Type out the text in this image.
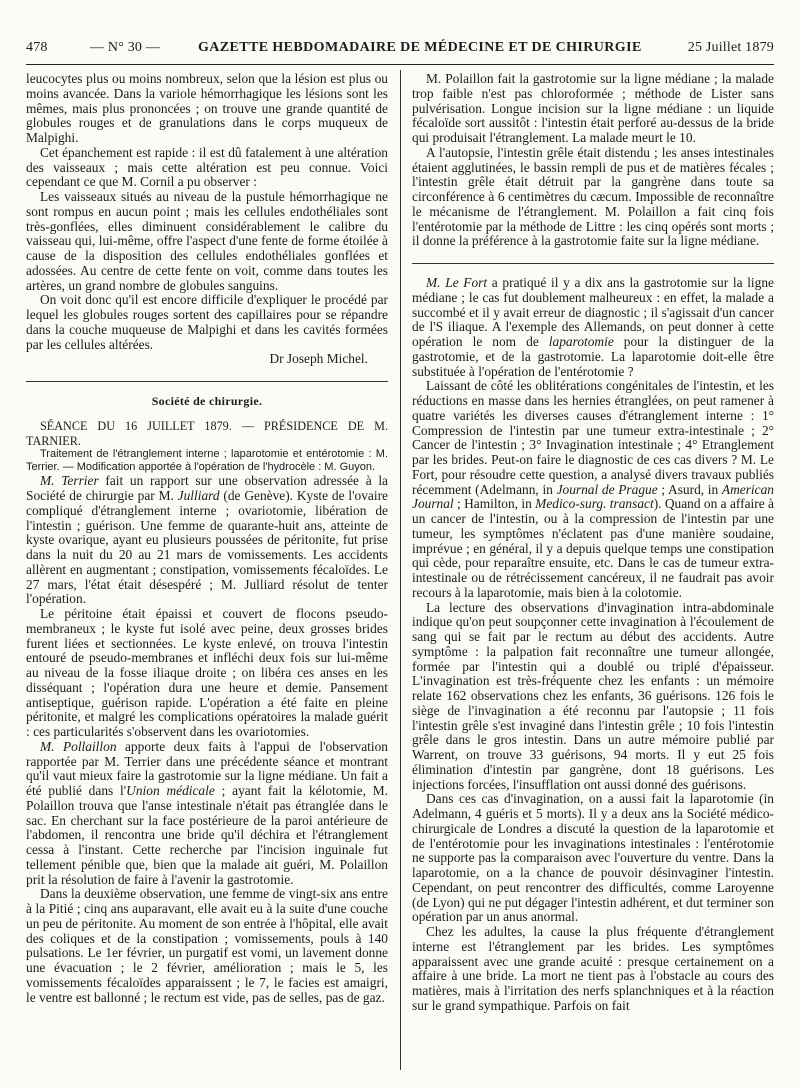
478	— N° 30 —	GAZETTE HEBDOMADAIRE DE MÉDECINE ET DE CHIRURGIE	25 Juillet 1879

leucocytes plus ou moins nombreux, selon que la lésion est plus ou moins avancée. Dans la variole hémorrhagique les lésions sont les mêmes, mais plus prononcées ; on trouve une grande quantité de globules rouges et de granulations dans le corps muqueux de Malpighi.

Cet épanchement est rapide : il est dû fatalement à une altération des vaisseaux ; mais cette altération est peu connue. Voici cependant ce que M. Cornil a pu observer :

Les vaisseaux situés au niveau de la pustule hémorrhagique ne sont rompus en aucun point ; mais les cellules endothéliales sont très-gonflées, elles diminuent considérablement le calibre du vaisseau qui, lui-même, offre l'aspect d'une fente de forme étoilée à cause de la disposition des cellules endothéliales gonflées et adossées. Au centre de cette fente on voit, comme dans toutes les artères, un grand nombre de globules sanguins.

On voit donc qu'il est encore difficile d'expliquer le procédé par lequel les globules rouges sortent des capillaires pour se répandre dans la couche muqueuse de Malpighi et dans les cavités formées par les cellules altérées.

Dr Joseph Michel.

Société de chirurgie.

SÉANCE DU 16 JUILLET 1879. — PRÉSIDENCE DE M. TARNIER.

Traitement de l'étranglement interne ; laparotomie et entérotomie : M. Terrier. — Modification apportée à l'opération de l'hydrocèle : M. Guyon.

M. Terrier fait un rapport sur une observation adressée à la Société de chirurgie par M. Julliard (de Genève). Kyste de l'ovaire compliqué d'étranglement interne ; ovariotomie, libération de l'intestin ; guérison. Une femme de quarante-huit ans, atteinte de kyste ovarique, ayant eu plusieurs poussées de péritonite, fut prise dans la nuit du 20 au 21 mars de vomissements. Les accidents allèrent en augmentant ; constipation, vomissements fécaloïdes. Le 27 mars, l'état était désespéré ; M. Julliard résolut de tenter l'opération.

Le péritoine était épaissi et couvert de flocons pseudo-membraneux ; le kyste fut isolé avec peine, deux grosses brides furent liées et sectionnées. Le kyste enlevé, on trouva l'intestin entouré de pseudo-membranes et infléchi deux fois sur lui-même au niveau de la fosse iliaque droite ; on libéra ces anses en les disséquant ; l'opération dura une heure et demie. Pansement antiseptique, guérison rapide. L'opération a été faite en pleine péritonite, et malgré les complications opératoires la malade guérit : ces particularités s'observent dans les ovariotomies.

M. Pollaillon apporte deux faits à l'appui de l'observation rapportée par M. Terrier dans une précédente séance et montrant qu'il vaut mieux faire la gastrotomie sur la ligne médiane. Un fait a été publié dans l'Union médicale ; ayant fait la kélotomie, M. Polaillon trouva que l'anse intestinale n'était pas étranglée dans le sac. En cherchant sur la face postérieure de la paroi antérieure de l'abdomen, il rencontra une bride qu'il déchira et l'étranglement cessa à l'instant. Cette recherche par l'incision inguinale fut tellement pénible que, bien que la malade ait guéri, M. Polaillon prit la résolution de faire à l'avenir la gastrotomie.

Dans la deuxième observation, une femme de vingt-six ans entre à la Pitié ; cinq ans auparavant, elle avait eu à la suite d'une couche un peu de péritonite. Au moment de son entrée à l'hôpital, elle avait des coliques et de la constipation ; vomissements, pouls à 140 pulsations. Le 1er février, un purgatif est vomi, un lavement donne une évacuation ; le 2 février, amélioration ; mais le 5, les vomissements fécaloïdes apparaissent ; le 7, le facies est amaigri, le ventre est ballonné ; le rectum est vide, pas de selles, pas de gaz.

M. Polaillon fait la gastrotomie sur la ligne médiane ; la malade trop faible n'est pas chloroformée ; méthode de Lister sans pulvérisation. Longue incision sur la ligne médiane : un liquide fécaloïde sort aussitôt : l'intestin était perforé au-dessus de la bride qui produisait l'étranglement. La malade meurt le 10.

A l'autopsie, l'intestin grêle était distendu ; les anses intestinales étaient agglutinées, le bassin rempli de pus et de matières fécales ; l'intestin grêle était détruit par la gangrène dans toute sa circonférence à 6 centimètres du cæcum. Impossible de reconnaître le mécanisme de l'étranglement. M. Polaillon a fait cinq fois l'entérotomie par la méthode de Littre : les cinq opérés sont morts ; il donne la préférence à la gastrotomie faite sur la ligne médiane.

M. Le Fort a pratiqué il y a dix ans la gastrotomie sur la ligne médiane ; le cas fut doublement malheureux : en effet, la malade a succombé et il y avait erreur de diagnostic ; il s'agissait d'un cancer de l'S iliaque. A l'exemple des Allemands, on peut donner à cette opération le nom de laparotomie pour la distinguer de la gastrotomie, et de la gastrotomie. La laparotomie doit-elle être substituée à l'opération de l'entérotomie ?

Laissant de côté les oblitérations congénitales de l'intestin, et les réductions en masse dans les hernies étranglées, on peut ramener à quatre variétés les diverses causes d'étranglement interne : 1° Compression de l'intestin par une tumeur extra-intestinale ; 2° Cancer de l'intestin ; 3° Invagination intestinale ; 4° Etranglement par les brides. Peut-on faire le diagnostic de ces cas divers ? M. Le Fort, pour résoudre cette question, a analysé divers travaux publiés récemment (Adelmann, in Journal de Prague ; Asurd, in American Journal ; Hamilton, in Medico-surg. transact). Quand on a affaire à un cancer de l'intestin, ou à la compression de l'intestin par une tumeur, les symptômes n'éclatent pas d'une manière soudaine, imprévue ; en général, il y a depuis quelque temps une constipation qui cède, pour reparaître ensuite, etc. Dans le cas de tumeur extra-intestinale ou de rétrécissement cancéreux, il ne faudrait pas avoir recours à la laparotomie, mais bien à la colotomie.

La lecture des observations d'invagination intra-abdominale indique qu'on peut soupçonner cette invagination à l'écoulement de sang qui se fait par le rectum au début des accidents. Autre symptôme : la palpation fait reconnaître une tumeur allongée, formée par l'intestin qui a doublé ou triplé d'épaisseur. L'invagination est très-fréquente chez les enfants : un mémoire relate 162 observations chez les enfants, 36 guérisons. 126 fois le siège de l'invagination a été reconnu par l'autopsie ; 11 fois l'intestin grêle s'est invaginé dans l'intestin grêle ; 10 fois l'intestin grêle dans le gros intestin. Dans un autre mémoire publié par Warrent, on trouve 33 guérisons, 94 morts. Il y eut 25 fois élimination d'intestin par gangrène, dont 18 guérisons. Les injections forcées, l'insufflation ont aussi donné des guérisons.

Dans ces cas d'invagination, on a aussi fait la laparotomie (in Adelmann, 4 guéris et 5 morts). Il y a deux ans la Société médico-chirurgicale de Londres a discuté la question de la laparotomie et de l'entérotomie pour les invaginations intestinales : l'entérotomie ne supporte pas la comparaison avec l'ouverture du ventre. Dans la laparotomie, on a la chance de pouvoir désinvaginer l'intestin. Cependant, on peut rencontrer des difficultés, comme Laroyenne (de Lyon) qui ne put dégager l'intestin adhérent, et dut terminer son opération par un anus anormal.

Chez les adultes, la cause la plus fréquente d'étranglement interne est l'étranglement par les brides. Les symptômes apparaissent avec une grande acuité : presque certainement on a affaire à une bride. La mort ne tient pas à l'obstacle au cours des matières, mais à l'irritation des nerfs splanchniques et à la réaction sur le grand sympathique. Parfois on fait
